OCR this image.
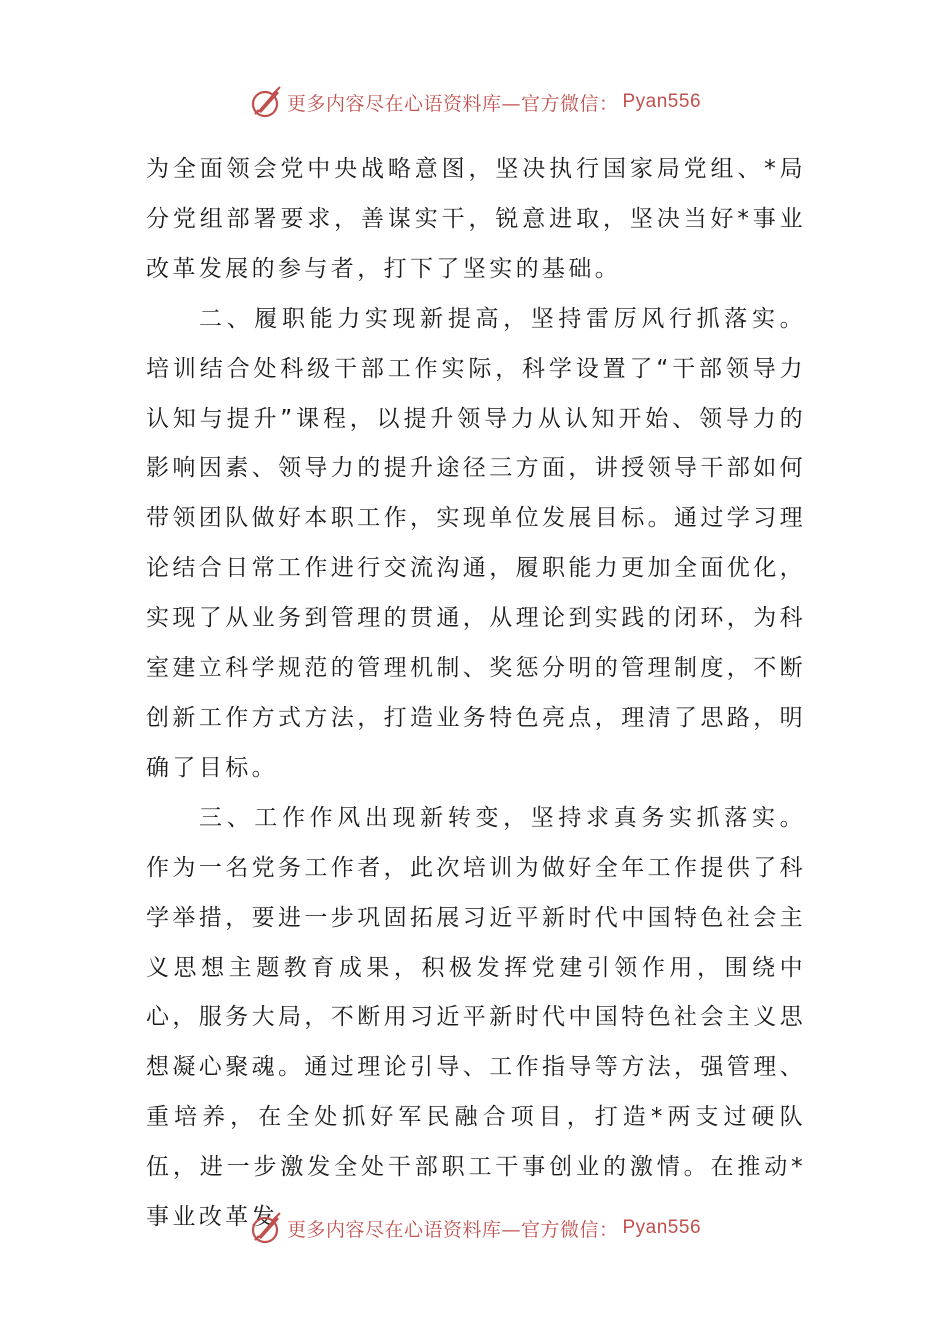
更多内容尽在心语资料库— 官方微信： Pyan556

为全面领会党中央战略意图，坚决执行国家局党组、*局分党组部署要求，善谋实干，锐意进取，坚决当好*事业改革发展的参与者，打下了坚实的基础。

二、履职能力实现新提高，坚持雷厉风行抓落实。培训结合处科级干部工作实际，科学设置了“干部领导力认知与提升”课程，以提升领导力从认知开始、领导力的影响因素、领导力的提升途径三方面，讲授领导干部如何带领团队做好本职工作，实现单位发展目标。通过学习理论结合日常工作进行交流沟通，履职能力更加全面优化，实现了从业务到管理的贯通，从理论到实践的闭环，为科室建立科学规范的管理机制、奖惩分明的管理制度，不断创新工作方式方法，打造业务特色亮点，理清了思路，明确了目标。

三、工作作风出现新转变，坚持求真务实抓落实。作为一名党务工作者，此次培训为做好全年工作提供了科学举措，要进一步巩固拓展习近平新时代中国特色社会主义思想主题教育成果，积极发挥党建引领作用，围绕中心，服务大局，不断用习近平新时代中国特色社会主义思想凝心聚魂。通过理论引导、工作指导等方法，强管理、重培养，在全处抓好军民融合项目，打造*两支过硬队伍，进一步激发全处干部职工干事创业的激情。在推动*事业改革发 更多内容尽在心语资料库— 官方微信： Pyan556
